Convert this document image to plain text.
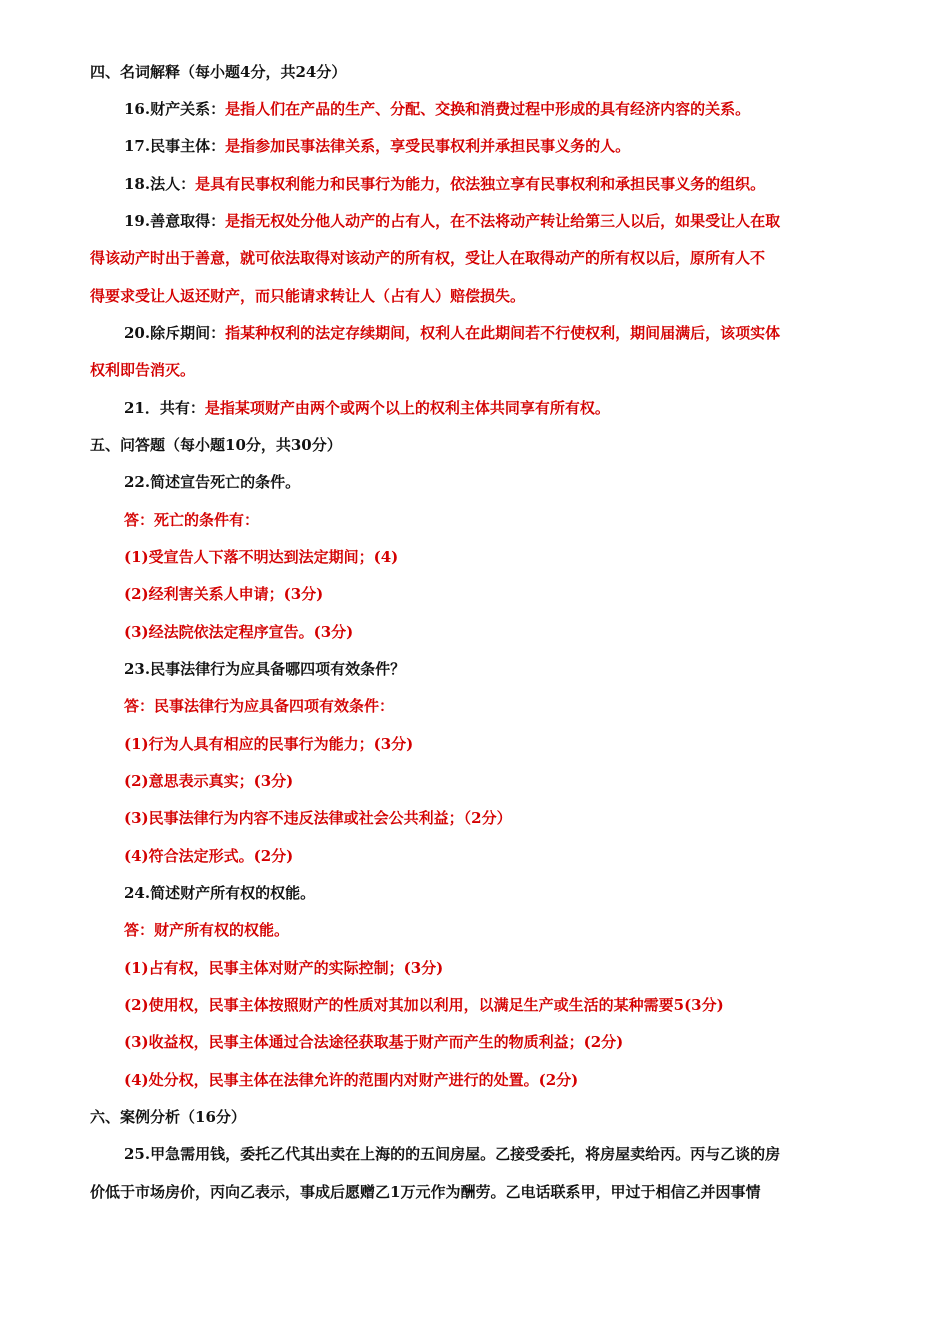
四、名词解释（每小题4分，共24分）
16.财产关系：是指人们在产品的生产、分配、交换和消费过程中形成的具有经济内容的关系。
17.民事主体：是指参加民事法律关系，享受民事权利并承担民事义务的人。
18.法人：是具有民事权利能力和民事行为能力，依法独立享有民事权利和承担民事义务的组织。
19.善意取得：是指无权处分他人动产的占有人，在不法将动产转让给第三人以后，如果受让人在取
得该动产时出于善意，就可依法取得对该动产的所有权，受让人在取得动产的所有权以后，原所有人不
得要求受让人返还财产，而只能请求转让人（占有人）赔偿损失。
20.除斥期间：指某种权利的法定存续期间，权利人在此期间若不行使权利，期间届满后，该项实体
权利即告消灭。
21．共有：是指某项财产由两个或两个以上的权利主体共同享有所有权。
五、问答题（每小题10分，共30分）
22.简述宣告死亡的条件。
答：死亡的条件有：
(1)受宣告人下落不明达到法定期间；(4)
(2)经利害关系人申请；(3分)
(3)经法院依法定程序宣告。(3分)
23.民事法律行为应具备哪四项有效条件？
答：民事法律行为应具备四项有效条件：
(1)行为人具有相应的民事行为能力；(3分)
(2)意思表示真实；(3分)
(3)民事法律行为内容不违反法律或社会公共利益；（2分）
(4)符合法定形式。(2分)
24.简述财产所有权的权能。
答：财产所有权的权能。
(1)占有权，民事主体对财产的实际控制；(3分)
(2)使用权，民事主体按照财产的性质对其加以利用，以满足生产或生活的某种需要5(3分)
(3)收益权，民事主体通过合法途径获取基于财产而产生的物质利益；(2分)
(4)处分权，民事主体在法律允许的范围内对财产进行的处置。(2分)
六、案例分析（16分）
25.甲急需用钱，委托乙代其出卖在上海的的五间房屋。乙接受委托，将房屋卖给丙。丙与乙谈的房
价低于市场房价，丙向乙表示，事成后愿赠乙1万元作为酬劳。乙电话联系甲，甲过于相信乙并因事情
